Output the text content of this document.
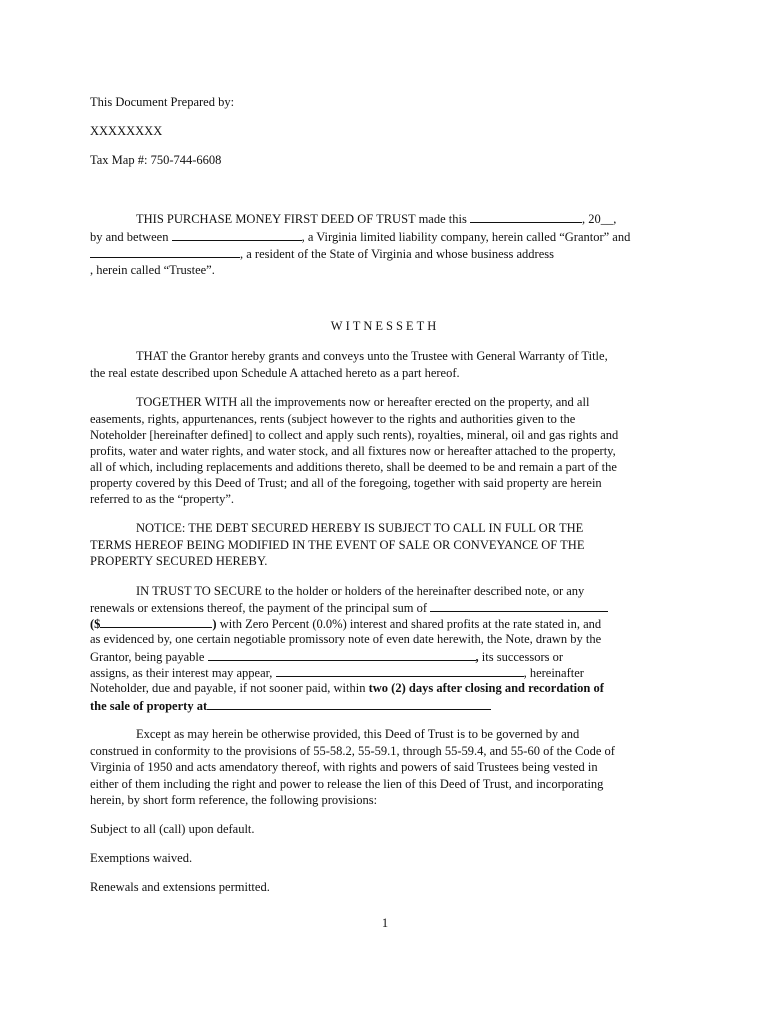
This Document Prepared by:
XXXXXXXX
Tax Map #: 750-744-6608
THIS PURCHASE MONEY FIRST DEED OF TRUST made this	, 20__,
by and between	, a Virginia limited liability company, herein called “Grantor” and
, a resident of the State of Virginia and whose business address
, herein called “Trustee”.
WITNESSETH
THAT the Grantor hereby grants and conveys unto the Trustee with General Warranty of Title,
the real estate described upon Schedule A attached hereto as a part hereof.
TOGETHER WITH all the improvements now or hereafter erected on the property, and all
easements, rights, appurtenances, rents (subject however to the rights and authorities given to the
Noteholder [hereinafter defined] to collect and apply such rents), royalties, mineral, oil and gas rights and
profits, water and water rights, and water stock, and all fixtures now or hereafter attached to the property,
all of which, including replacements and additions thereto, shall be deemed to be and remain a part of the
property covered by this Deed of Trust; and all of the foregoing, together with said property are herein
referred to as the “property”.
NOTICE: THE DEBT SECURED HEREBY IS SUBJECT TO CALL IN FULL OR THE
TERMS HEREOF BEING MODIFIED IN THE EVENT OF SALE OR CONVEYANCE OF THE
PROPERTY SECURED HEREBY.
IN TRUST TO SECURE to the holder or holders of the hereinafter described note, or any
renewals or extensions thereof, the payment of the principal sum of
($	) with Zero Percent (0.0%) interest and shared profits at the rate stated in, and
as evidenced by, one certain negotiable promissory note of even date herewith, the Note, drawn by the
Grantor, being payable	, its successors or
assigns, as their interest may appear,	, hereinafter
Noteholder, due and payable, if not sooner paid, within two (2) days after closing and recordation of
the sale of property at
Except as may herein be otherwise provided, this Deed of Trust is to be governed by and
construed in conformity to the provisions of 55-58.2, 55-59.1, through 55-59.4, and 55-60 of the Code of
Virginia of 1950 and acts amendatory thereof, with rights and powers of said Trustees being vested in
either of them including the right and power to release the lien of this Deed of Trust, and incorporating
herein, by short form reference, the following provisions:
Subject to all (call) upon default.
Exemptions waived.
Renewals and extensions permitted.
1
